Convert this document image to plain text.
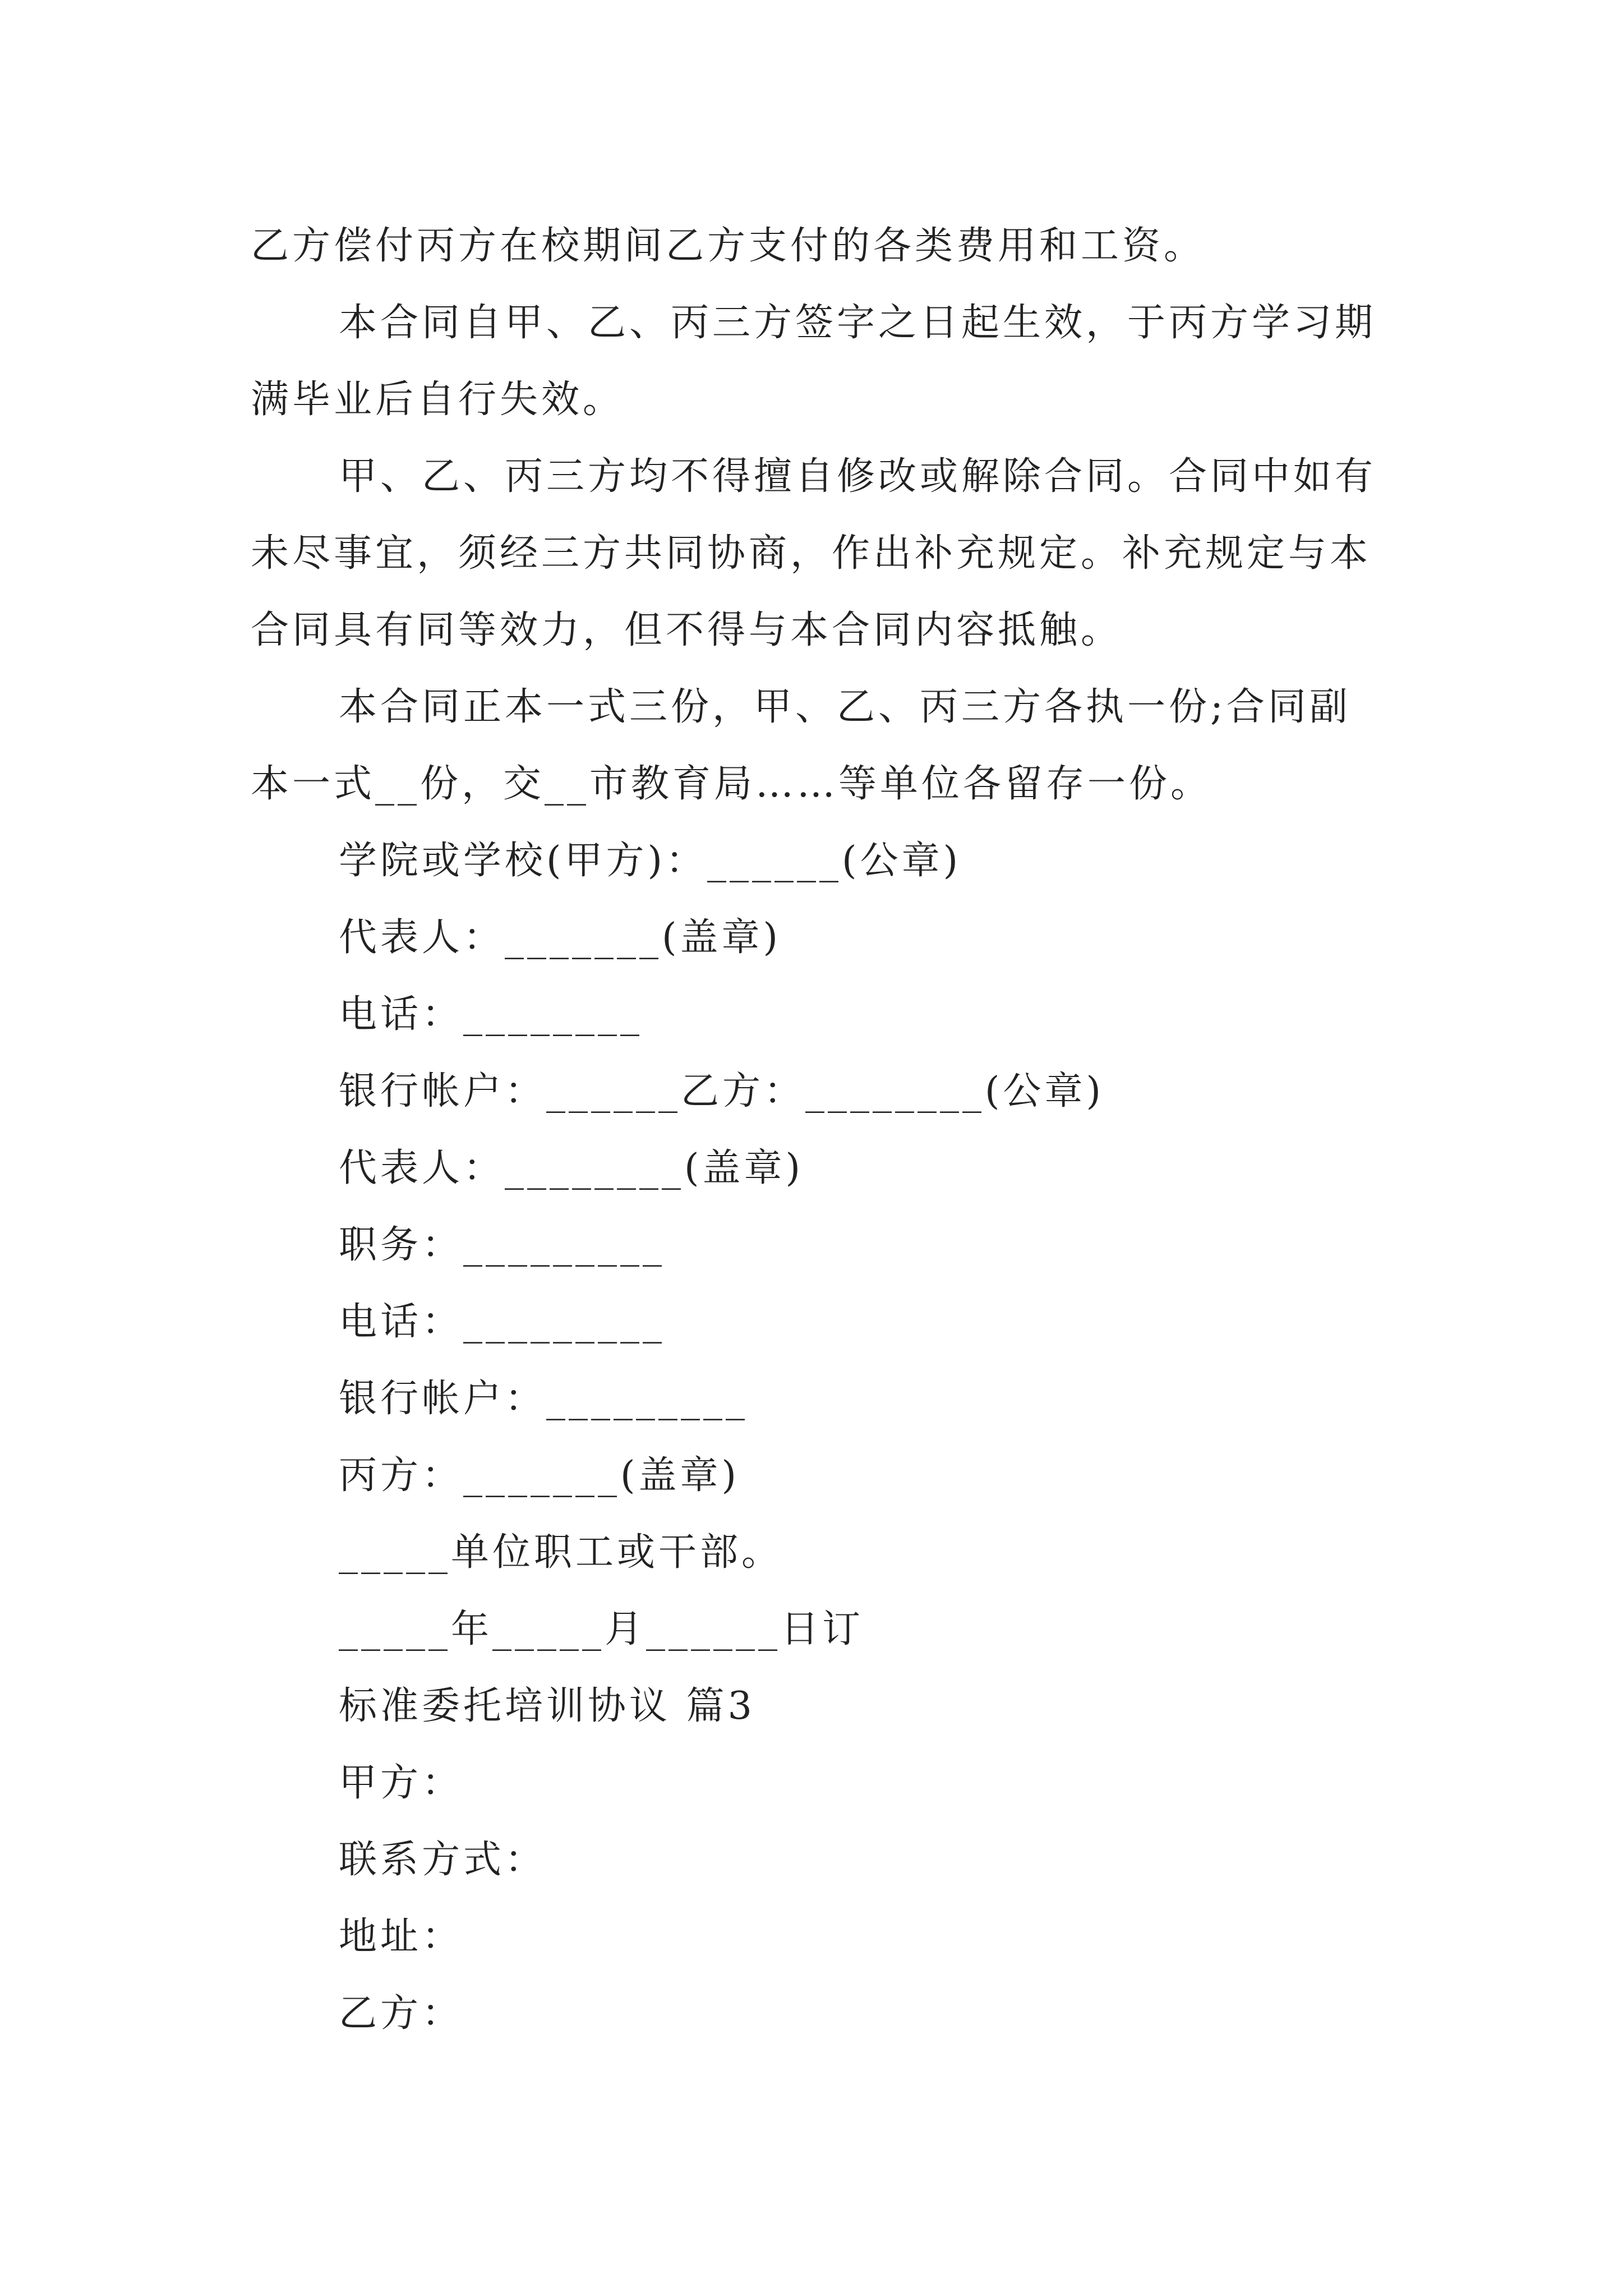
乙方偿付丙方在校期间乙方支付的各类费用和工资。

本合同自甲、乙、丙三方签字之日起生效，于丙方学习期满毕业后自行失效。

甲、乙、丙三方均不得擅自修改或解除合同。合同中如有未尽事宜，须经三方共同协商，作出补充规定。补充规定与本合同具有同等效力，但不得与本合同内容抵触。

本合同正本一式三份，甲、乙、丙三方各执一份;合同副本一式__份，交__市教育局……等单位各留存一份。

学院或学校(甲方)：______(公章)
代表人：_______(盖章)
电话：________
银行帐户：______乙方：________(公章)
代表人：________(盖章)
职务：_________
电话：_________
银行帐户：_________
丙方：_______(盖章)
_____单位职工或干部。
_____年_____月______日订
标准委托培训协议 篇3
甲方：
联系方式：
地址：
乙方：
